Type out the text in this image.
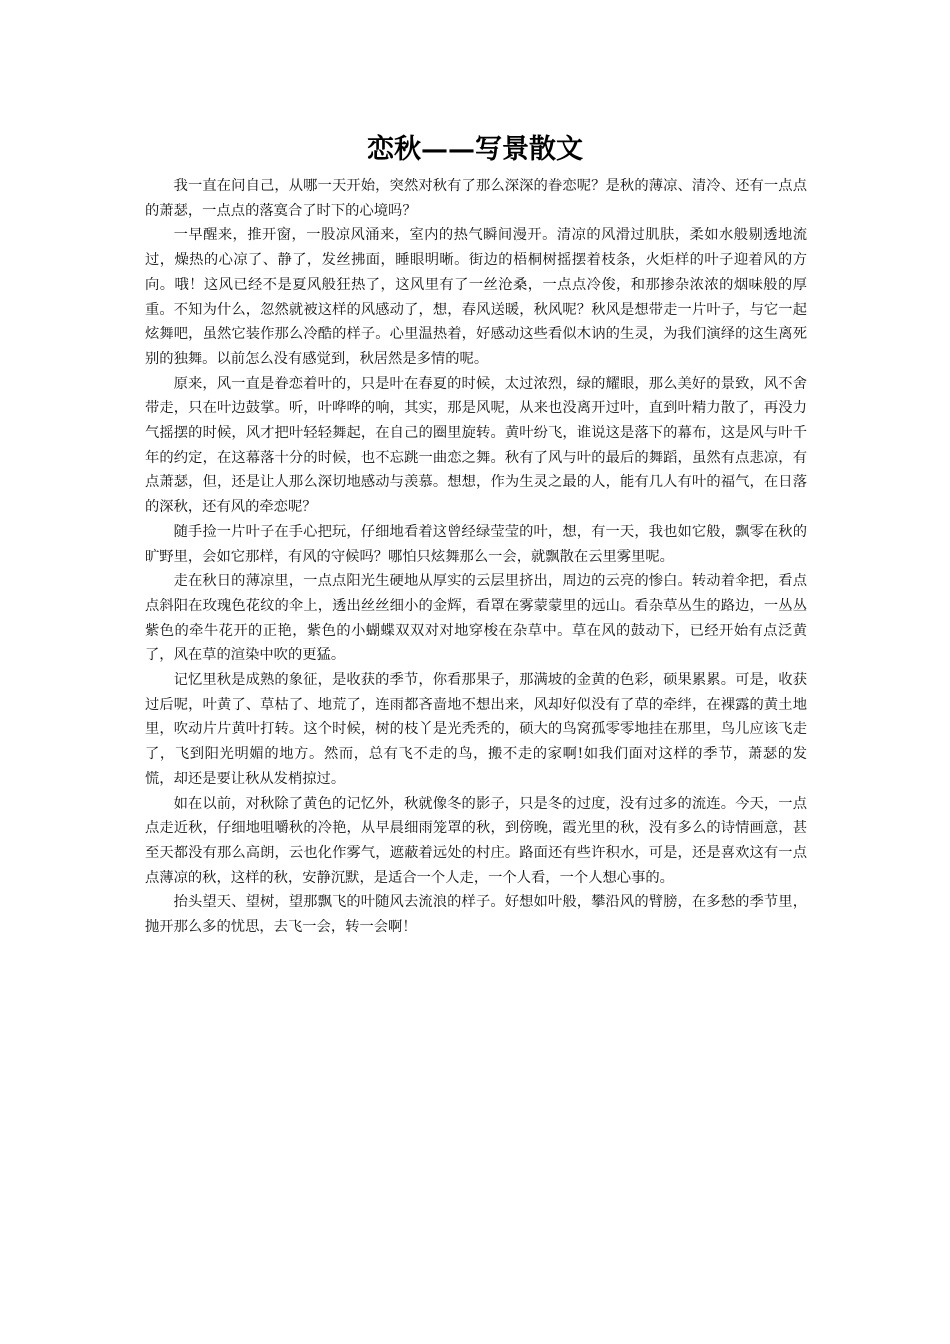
恋秋——写景散文

我一直在问自己，从哪一天开始，突然对秋有了那么深深的眷恋呢？是秋的薄凉、清冷、还有一点点的萧瑟，一点点的落寞合了时下的心境吗？

一早醒来，推开窗，一股凉风涌来，室内的热气瞬间漫开。清凉的风滑过肌肤，柔如水般剔透地流过，燥热的心凉了、静了，发丝拂面，睡眼明晰。街边的梧桐树摇摆着枝条，火炬样的叶子迎着风的方向。哦！这风已经不是夏风般狂热了，这风里有了一丝沧桑，一点点冷俊，和那掺杂浓浓的烟味般的厚重。不知为什么，忽然就被这样的风感动了，想，春风送暖，秋风呢？秋风是想带走一片叶子，与它一起炫舞吧，虽然它装作那么冷酷的样子。心里温热着，好感动这些看似木讷的生灵，为我们演绎的这生离死别的独舞。以前怎么没有感觉到，秋居然是多情的呢。

原来，风一直是眷恋着叶的，只是叶在春夏的时候，太过浓烈，绿的耀眼，那么美好的景致，风不舍带走，只在叶边鼓掌。听，叶哗哗的响，其实，那是风呢，从来也没离开过叶，直到叶精力散了，再没力气摇摆的时候，风才把叶轻轻舞起，在自己的圈里旋转。黄叶纷飞，谁说这是落下的幕布，这是风与叶千年的约定，在这幕落十分的时候，也不忘跳一曲恋之舞。秋有了风与叶的最后的舞蹈，虽然有点悲凉，有点萧瑟，但，还是让人那么深切地感动与羡慕。想想，作为生灵之最的人，能有几人有叶的福气，在日落的深秋，还有风的牵恋呢？

随手捡一片叶子在手心把玩，仔细地看着这曾经绿莹莹的叶，想，有一天，我也如它般，飘零在秋的旷野里，会如它那样，有风的守候吗？哪怕只炫舞那么一会，就飘散在云里雾里呢。

走在秋日的薄凉里，一点点阳光生硬地从厚实的云层里挤出，周边的云亮的惨白。转动着伞把，看点点斜阳在玫瑰色花纹的伞上，透出丝丝细小的金辉，看罩在雾蒙蒙里的远山。看杂草丛生的路边，一丛丛紫色的牵牛花开的正艳，紫色的小蝴蝶双双对对地穿梭在杂草中。草在风的鼓动下，已经开始有点泛黄了，风在草的渲染中吹的更猛。

记忆里秋是成熟的象征，是收获的季节，你看那果子，那满坡的金黄的色彩，硕果累累。可是，收获过后呢，叶黄了、草枯了、地荒了，连雨都吝啬地不想出来，风却好似没有了草的牵绊，在裸露的黄土地里，吹动片片黄叶打转。这个时候，树的枝丫是光秃秃的，硕大的鸟窝孤零零地挂在那里，鸟儿应该飞走了，飞到阳光明媚的地方。然而，总有飞不走的鸟，搬不走的家啊!如我们面对这样的季节，萧瑟的发慌，却还是要让秋从发梢掠过。

如在以前，对秋除了黄色的记忆外，秋就像冬的影子，只是冬的过度，没有过多的流连。今天，一点点走近秋，仔细地咀嚼秋的冷艳，从早晨细雨笼罩的秋，到傍晚，霞光里的秋，没有多么的诗情画意，甚至天都没有那么高朗，云也化作雾气，遮蔽着远处的村庄。路面还有些许积水，可是，还是喜欢这有一点点薄凉的秋，这样的秋，安静沉默，是适合一个人走，一个人看，一个人想心事的。

抬头望天、望树，望那飘飞的叶随风去流浪的样子。好想如叶般，攀沿风的臂膀，在多愁的季节里，抛开那么多的忧思，去飞一会，转一会啊！
